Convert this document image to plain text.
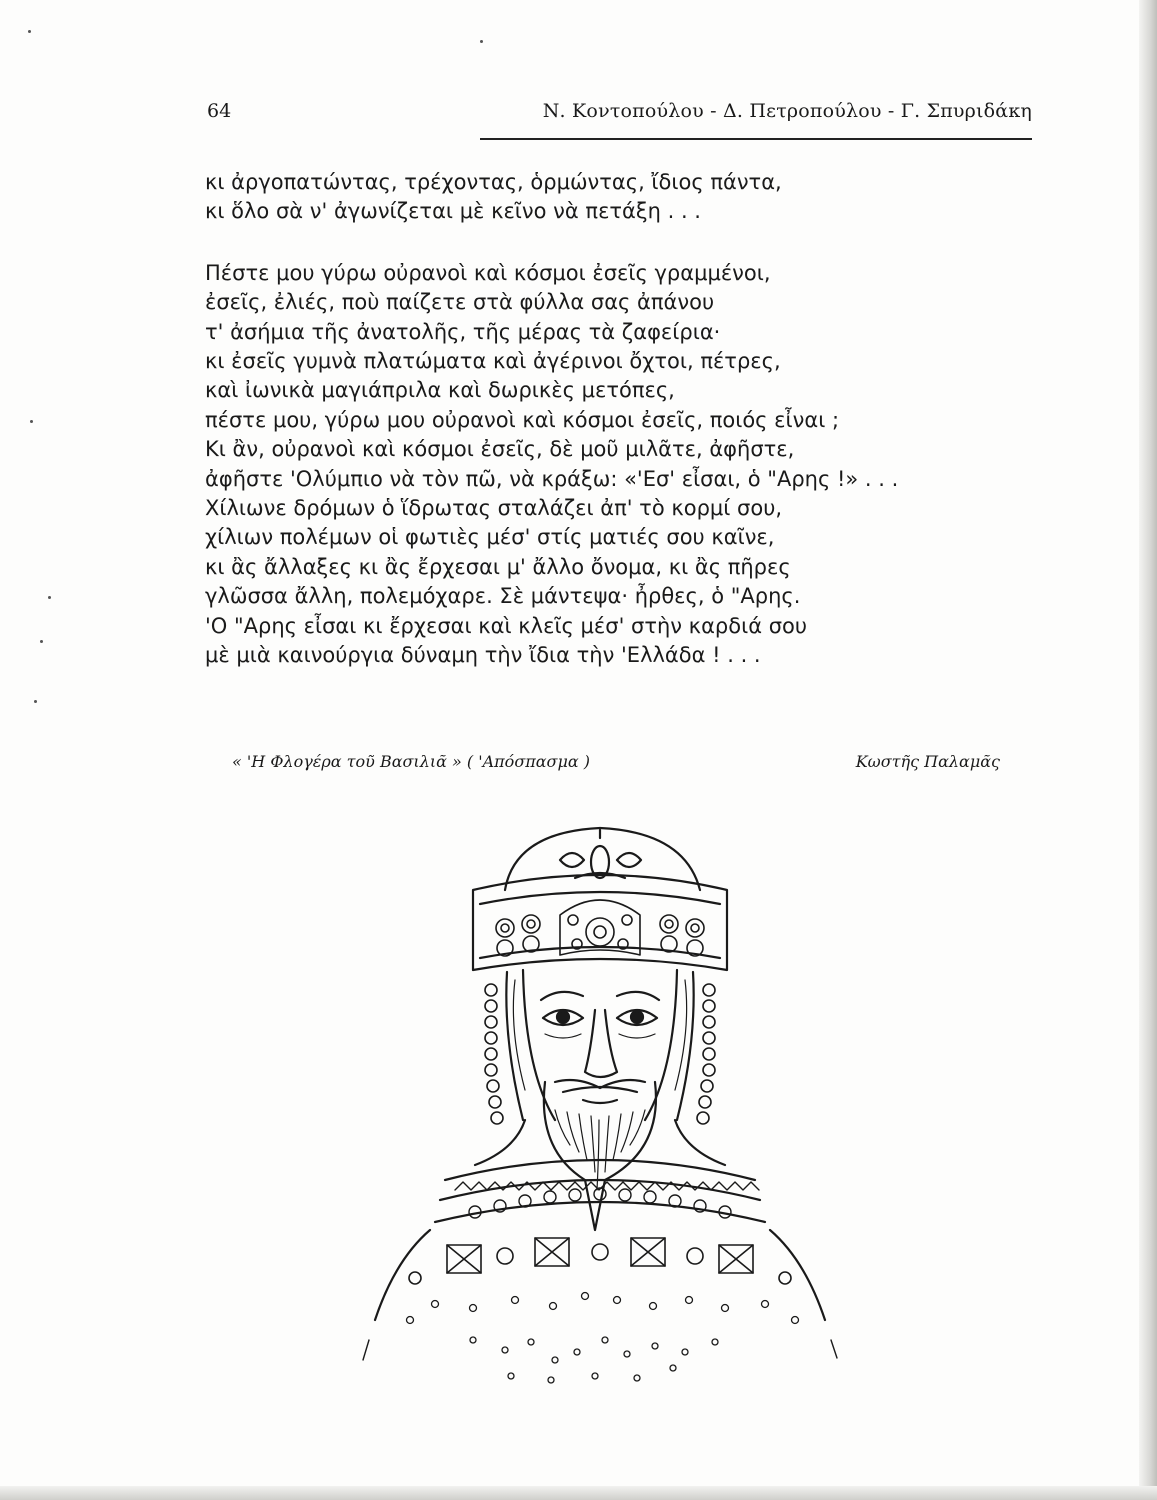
64	Ν. Κοντοπούλου - Δ. Πετροπούλου - Γ. Σπυριδάκη
κι ἀργοπατώντας, τρέχοντας, ὁρμώντας, ἴδιος πάντα,
κι ὅλο σὰ ν' ἀγωνίζεται μὲ κεῖνο νὰ πετάξη . . .
Πέστε μου γύρω οὐρανοὶ καὶ κόσμοι ἐσεῖς γραμμένοι,
ἐσεῖς, ἐλιές, ποὺ παίζετε στὰ φύλλα σας ἀπάνου
τ' ἀσήμια τῆς ἀνατολῆς, τῆς μέρας τὰ ζαφείρια·
κι ἐσεῖς γυμνὰ πλατώματα καὶ ἀγέρινοι ὄχτοι, πέτρες,
καὶ ἰωνικὰ μαγιάπριλα καὶ δωρικὲς μετόπες,
πέστε μου, γύρω μου οὐρανοὶ καὶ κόσμοι ἐσεῖς, ποιός εἶναι ;
Κι ἂν, οὐρανοὶ καὶ κόσμοι ἐσεῖς, δὲ μοῦ μιλᾶτε, ἀφῆστε,
ἀφῆστε 'Ολύμπιο νὰ τὸν πῶ, νὰ κράξω: «'Εσ' εἶσαι, ὁ "Αρης !» . . .
Χίλιωνε δρόμων ὁ ἵδρωτας σταλάζει ἀπ' τὸ κορμί σου,
χίλιων πολέμων οἱ φωτιὲς μέσ' στίς ματιές σου καῖνε,
κι ἂς ἄλλαξες κι ἂς ἔρχεσαι μ' ἄλλο ὄνομα, κι ἂς πῆρες
γλῶσσα ἄλλη, πολεμόχαρε. Σὲ μάντεψα· ἦρθες, ὁ "Αρης.
'Ο "Αρης εἶσαι κι ἔρχεσαι καὶ κλεῖς μέσ' στὴν καρδιά σου
μὲ μιὰ καινούργια δύναμη τὴν ἴδια τὴν 'Ελλάδα ! . . .
« 'Η Φλογέρα τοῦ Βασιλιᾶ » ( 'Απόσπασμα )	Κωστῆς Παλαμᾶς
